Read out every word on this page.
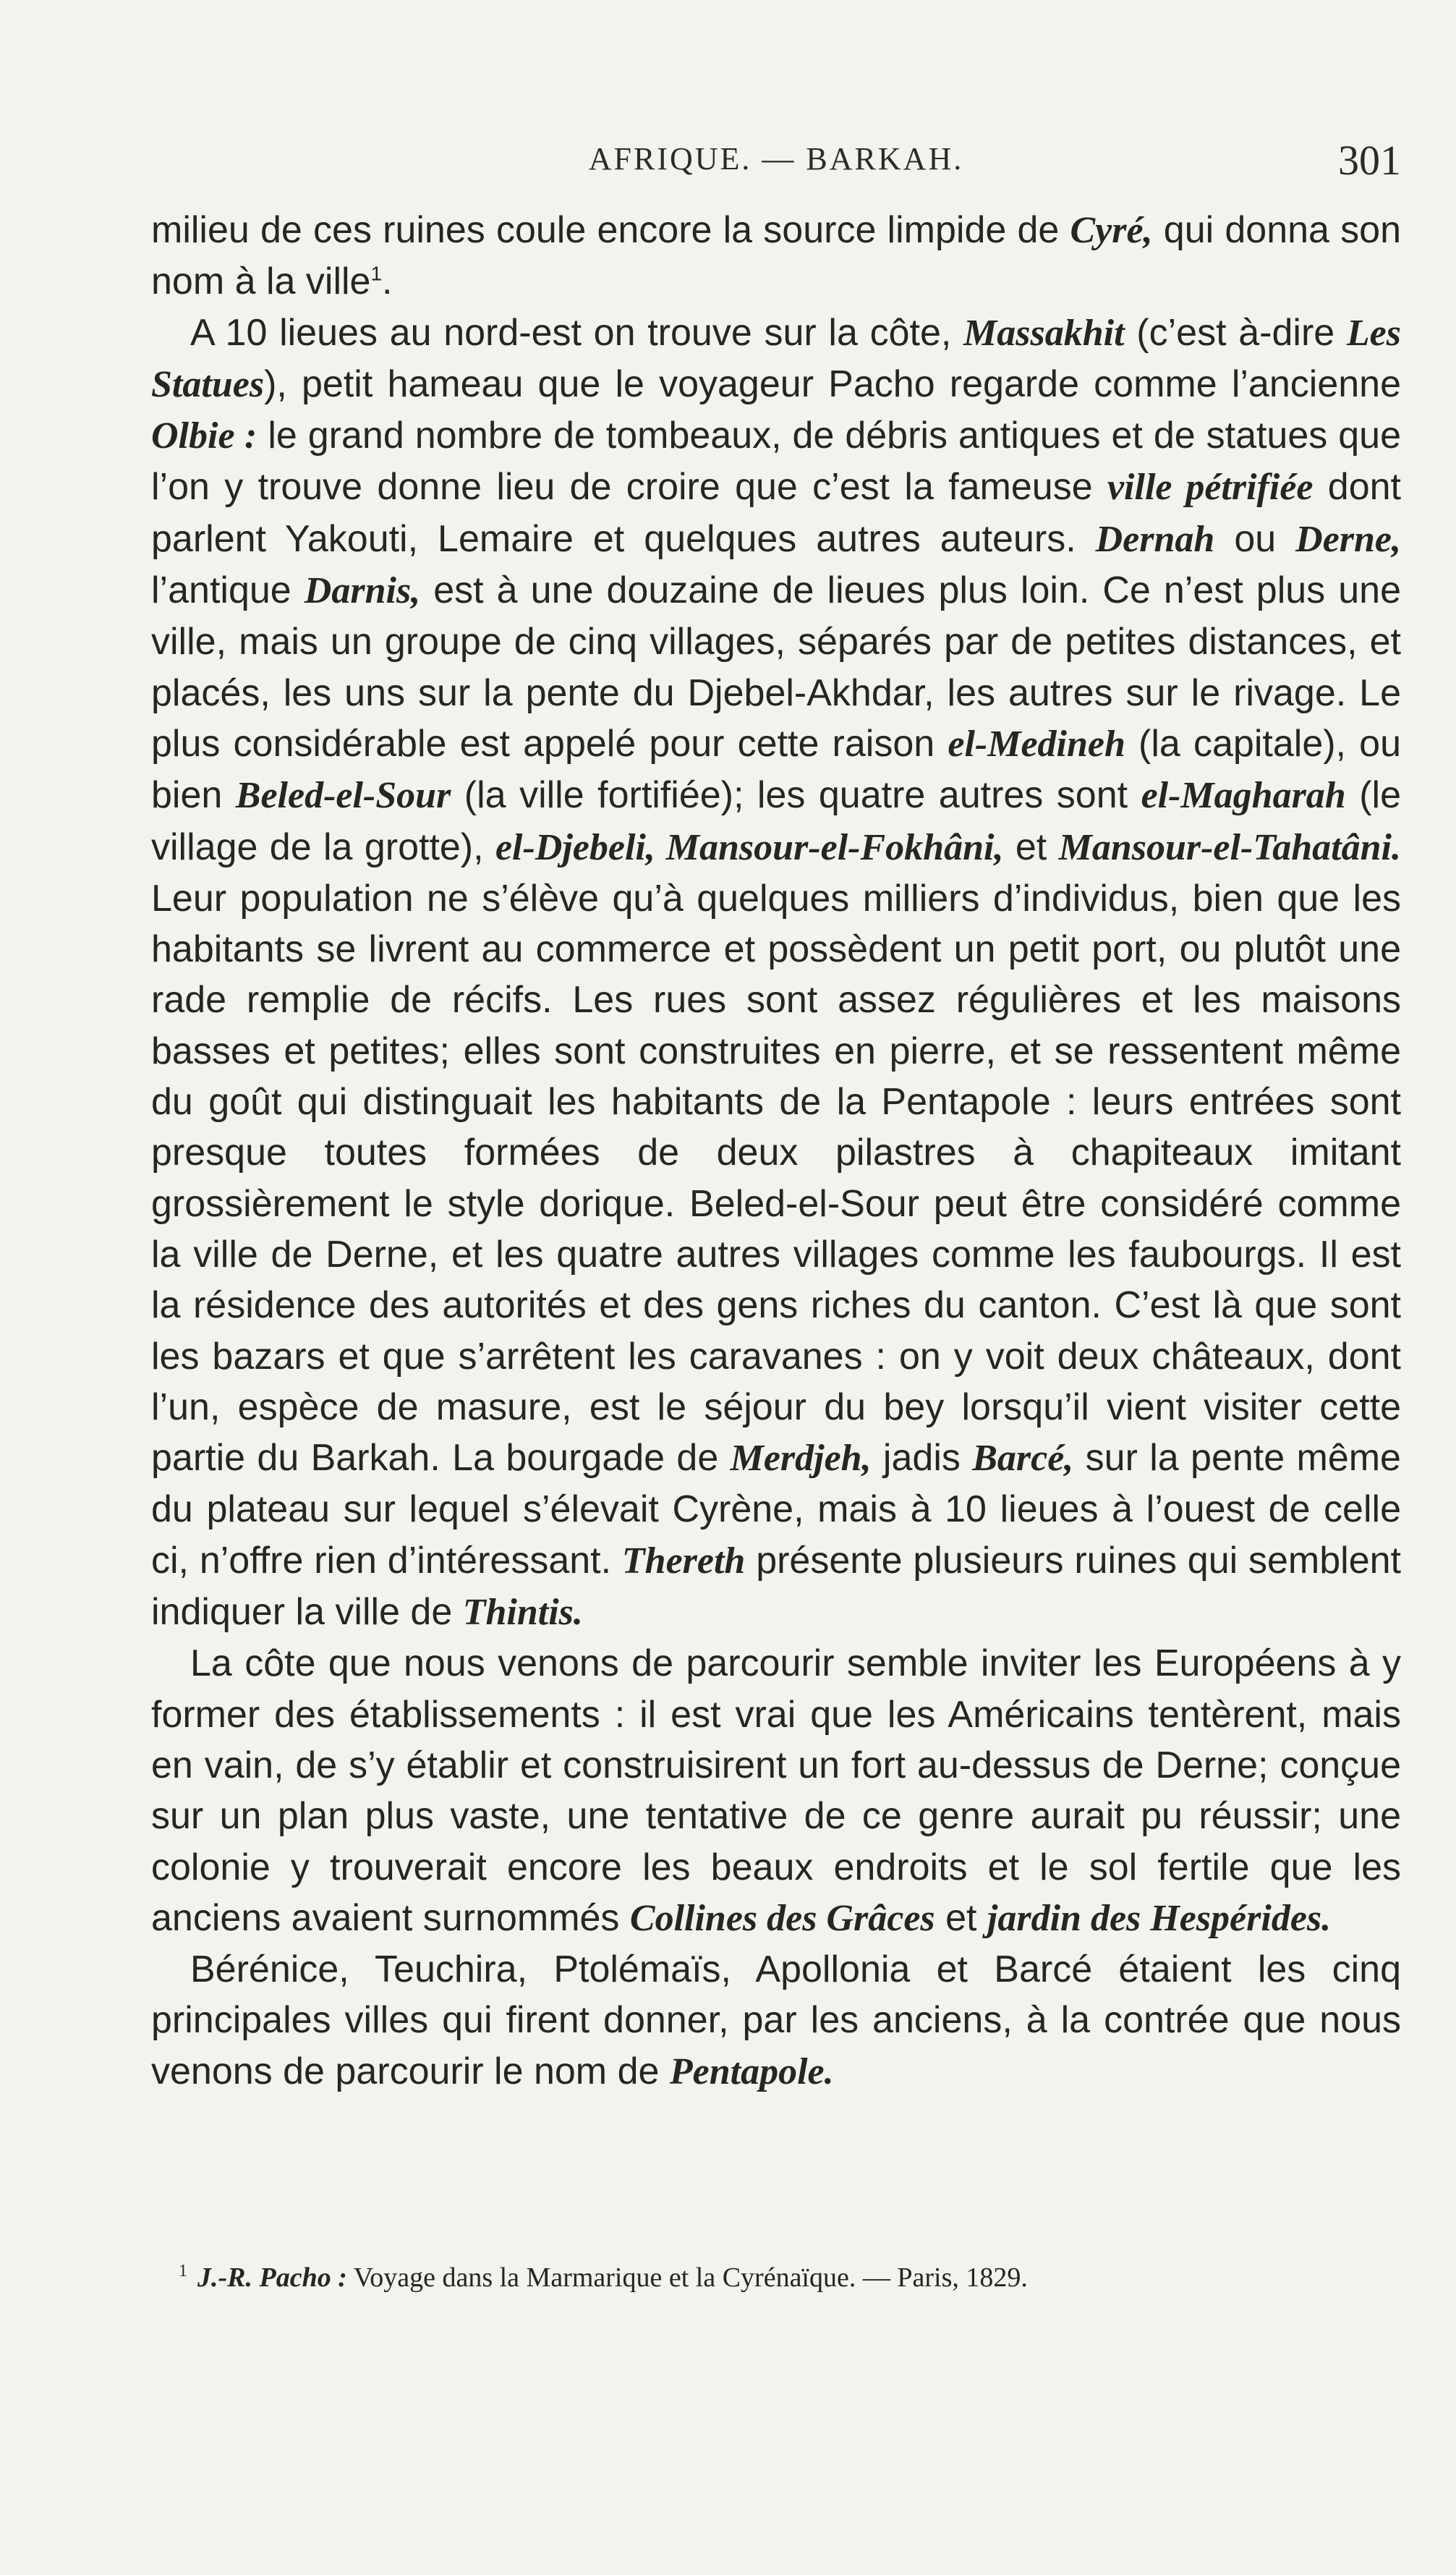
AFRIQUE. — BARKAH.	301

milieu de ces ruines coule encore la source limpide de Cyré, qui donna son nom à la ville$^1$.

A 10 lieues au nord-est on trouve sur la côte, Massakhit (c’est à-dire Les Statues), petit hameau que le voyageur Pacho regarde comme l’ancienne Olbie : le grand nombre de tombeaux, de débris antiques et de statues que l’on y trouve donne lieu de croire que c’est la fameuse ville pétrifiée dont parlent Yakouti, Lemaire et quelques autres auteurs. Dernah ou Derne, l’antique Darnis, est à une douzaine de lieues plus loin. Ce n’est plus une ville, mais un groupe de cinq villages, séparés par de petites distances, et placés, les uns sur la pente du Djebel-Akhdar, les autres sur le rivage. Le plus considérable est appelé pour cette raison el-Medineh (la capitale), ou bien Beled-el-Sour (la ville fortifiée); les quatre autres sont el-Magharah (le village de la grotte), el-Djebeli, Mansour-el-Fokhâni, et Mansour-el-Tahatâni. Leur population ne s’élève qu’à quelques milliers d’individus, bien que les habitants se livrent au commerce et possèdent un petit port, ou plutôt une rade remplie de récifs. Les rues sont assez régulières et les maisons basses et petites; elles sont construites en pierre, et se ressentent même du goût qui distinguait les habitants de la Pentapole : leurs entrées sont presque toutes formées de deux pilastres à chapiteaux imitant grossièrement le style dorique. Beled-el-Sour peut être considéré comme la ville de Derne, et les quatre autres villages comme les faubourgs. Il est la résidence des autorités et des gens riches du canton. C’est là que sont les bazars et que s’arrêtent les caravanes : on y voit deux châteaux, dont l’un, espèce de masure, est le séjour du bey lorsqu’il vient visiter cette partie du Barkah. La bourgade de Merdjeh, jadis Barcé, sur la pente même du plateau sur lequel s’élevait Cyrène, mais à 10 lieues à l’ouest de celle ci, n’offre rien d’intéressant. Thereth présente plusieurs ruines qui semblent indiquer la ville de Thintis.

La côte que nous venons de parcourir semble inviter les Européens à y former des établissements : il est vrai que les Américains tentèrent, mais en vain, de s’y établir et construisirent un fort au-dessus de Derne; conçue sur un plan plus vaste, une tentative de ce genre aurait pu réussir; une colonie y trouverait encore les beaux endroits et le sol fertile que les anciens avaient surnommés Collines des Grâces et jardin des Hespérides.

Bérénice, Teuchira, Ptolémaïs, Apollonia et Barcé étaient les cinq principales villes qui firent donner, par les anciens, à la contrée que nous venons de parcourir le nom de Pentapole.

$^1$ J.-R. Pacho : Voyage dans la Marmarique et la Cyrénaïque. — Paris, 1829.
